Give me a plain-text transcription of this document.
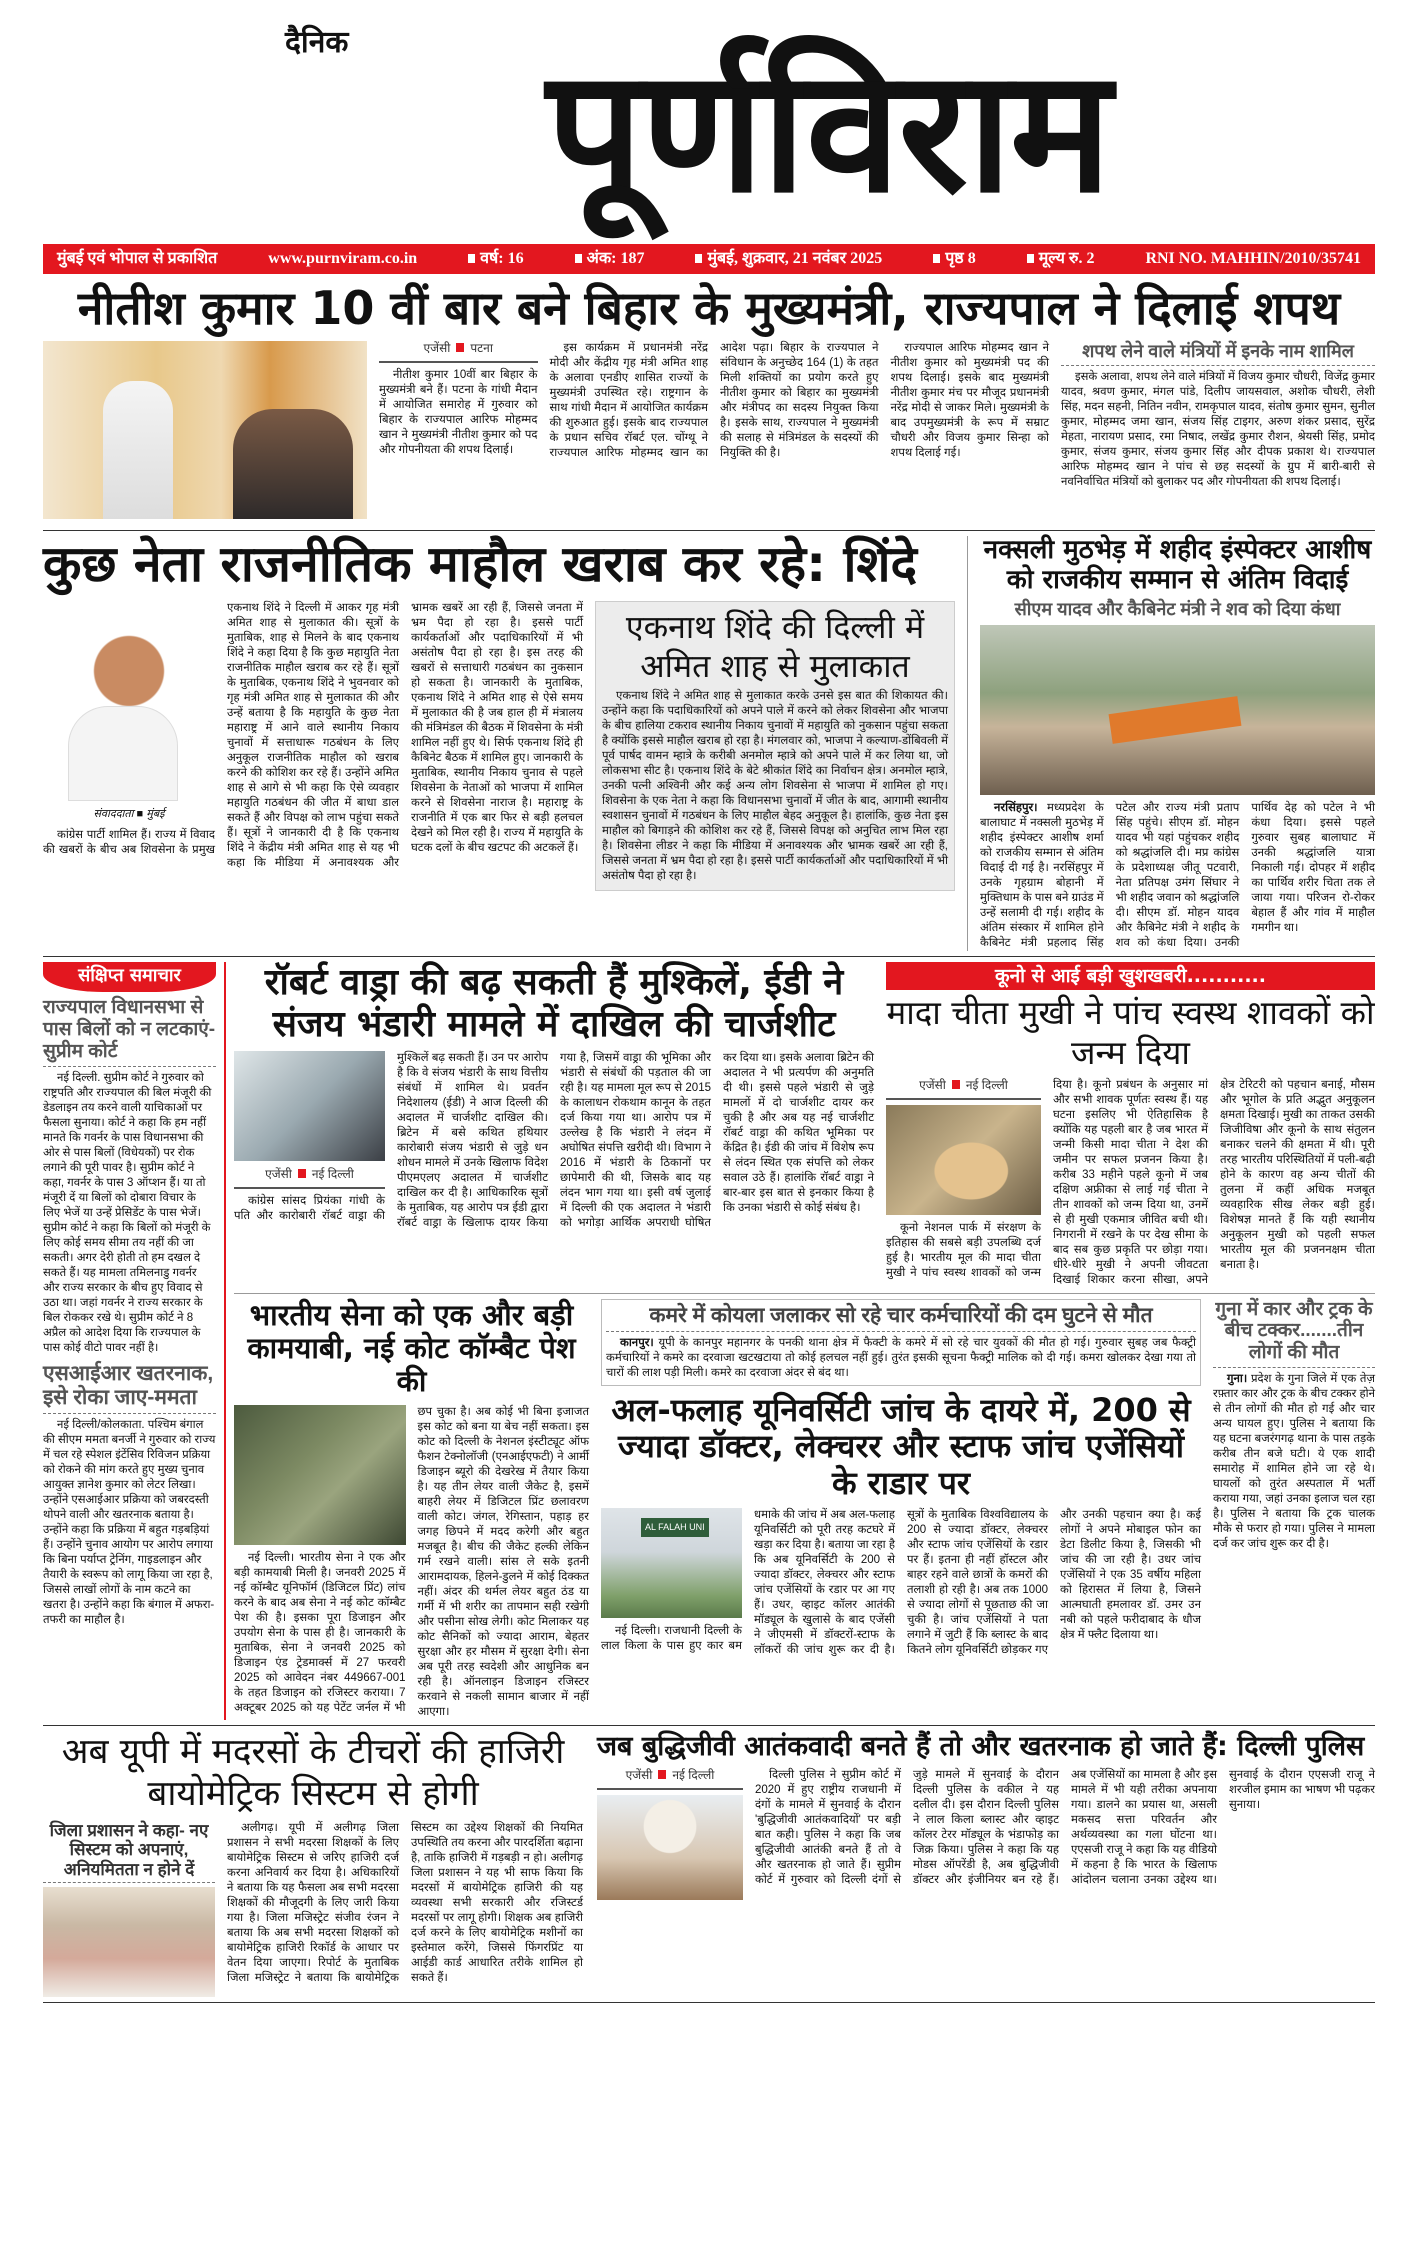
दैनिक	पूर्णविराम
मुंबई एवं भोपाल से प्रकाशित	www.purnviram.co.in	वर्ष: 16	अंक: 187	मुंबई, शुक्रवार, 21 नवंबर 2025	पृष्ठ 8	मूल्य रु. 2	RNI NO. MAHHIN/2010/35741
नीतीश कुमार 10 वीं बार बने बिहार के मुख्यमंत्री, राज्यपाल ने दिलाई शपथ
एजेंसी पटना

नीतीश कुमार 10वीं बार बिहार के मुख्यमंत्री बने हैं। पटना के गांधी मैदान में आयोजित समारोह में गुरुवार को बिहार के राज्यपाल आरिफ मोहम्मद खान ने मुख्यमंत्री नीतीश कुमार को पद और गोपनीयता की शपथ दिलाई।

इस कार्यक्रम में प्रधानमंत्री नरेंद्र मोदी और केंद्रीय गृह मंत्री अमित शाह के अलावा एनडीए शासित राज्यों के मुख्यमंत्री उपस्थित रहे। राष्ट्रगान के साथ गांधी मैदान में आयोजित कार्यक्रम की शुरुआत हुई। इसके बाद राज्यपाल के प्रधान सचिव रॉबर्ट एल. चोंग्थू ने राज्यपाल आरिफ मोहम्मद खान का आदेश पढ़ा। बिहार के राज्यपाल ने संविधान के अनुच्छेद 164 (1) के तहत मिली शक्तियों का प्रयोग करते हुए नीतीश कुमार को बिहार का मुख्यमंत्री और मंत्रीपद का सदस्य नियुक्त किया है। इसके साथ, राज्यपाल ने मुख्यमंत्री की सलाह से मंत्रिमंडल के सदस्यों की नियुक्ति की है।

राज्यपाल आरिफ मोहम्मद खान ने नीतीश कुमार को मुख्यमंत्री पद की शपथ दिलाई। इसके बाद मुख्यमंत्री नीतीश कुमार मंच पर मौजूद प्रधानमंत्री नरेंद्र मोदी से जाकर मिले। मुख्यमंत्री के बाद उपमुख्यमंत्री के रूप में सम्राट चौधरी और विजय कुमार सिन्हा को शपथ दिलाई गई।

शपथ लेने वाले मंत्रियों में इनके नाम शामिल

इसके अलावा, शपथ लेने वाले मंत्रियों में विजय कुमार चौधरी, विजेंद्र कुमार यादव, श्रवण कुमार, मंगल पांडे, दिलीप जायसवाल, अशोक चौधरी, लेशी सिंह, मदन सहनी, नितिन नवीन, रामकृपाल यादव, संतोष कुमार सुमन, सुनील कुमार, मोहम्मद जमा खान, संजय सिंह टाइगर, अरुण शंकर प्रसाद, सुरेंद्र मेहता, नारायण प्रसाद, रमा निषाद, लखेंद्र कुमार रौशन, श्रेयसी सिंह, प्रमोद कुमार, संजय कुमार, संजय कुमार सिंह और दीपक प्रकाश थे। राज्यपाल आरिफ मोहम्मद खान ने पांच से छह सदस्यों के ग्रुप में बारी-बारी से नवनिर्वाचित मंत्रियों को बुलाकर पद और गोपनीयता की शपथ दिलाई।

कुछ नेता राजनीतिक माहौल खराब कर रहे: शिंदे
संवाददाता ■ मुंबई

कांग्रेस पार्टी शामिल हैं। राज्य में विवाद की खबरों के बीच अब शिवसेना के प्रमुख एकनाथ शिंदे ने दिल्ली में आकर गृह मंत्री अमित शाह से मुलाकात की। सूत्रों के मुताबिक, शाह से मिलने के बाद एकनाथ शिंदे ने कहा दिया है कि कुछ महायुति नेता राजनीतिक माहौल खराब कर रहे हैं। सूत्रों के मुताबिक, एकनाथ शिंदे ने भुवनवार को गृह मंत्री अमित शाह से मुलाकात की और उन्हें बताया है कि महायुति के कुछ नेता महाराष्ट्र में आने वाले स्थानीय निकाय चुनावों में सत्ताधारू गठबंधन के लिए अनुकूल राजनीतिक माहौल को खराब करने की कोशिश कर रहे हैं। उन्होंने अमित शाह से आगे से भी कहा कि ऐसे व्यवहार महायुति गठबंधन की जीत में बाधा डाल सकते हैं और विपक्ष को लाभ पहुंचा सकते हैं। सूत्रों ने जानकारी दी है कि एकनाथ शिंदे ने केंद्रीय मंत्री अमित शाह से यह भी कहा कि मीडिया में अनावश्यक और भ्रामक खबरें आ रही हैं, जिससे जनता में भ्रम पैदा हो रहा है। इससे पार्टी कार्यकर्ताओं और पदाधिकारियों में भी असंतोष पैदा हो रहा है। इस तरह की खबरों से सत्ताधारी गठबंधन का नुकसान हो सकता है। जानकारी के मुताबिक, एकनाथ शिंदे ने अमित शाह से ऐसे समय में मुलाकात की है जब हाल ही में मंत्रालय की मंत्रिमंडल की बैठक में शिवसेना के मंत्री शामिल नहीं हुए थे। सिर्फ एकनाथ शिंदे ही कैबिनेट बैठक में शामिल हुए। जानकारी के मुताबिक, स्थानीय निकाय चुनाव से पहले शिवसेना के नेताओं को भाजपा में शामिल करने से शिवसेना नाराज है। महाराष्ट्र के राजनीति में एक बार फिर से बड़ी हलचल देखने को मिल रही है। राज्य में महायुति के घटक दलों के बीच खटपट की अटकलें हैं।

एकनाथ शिंदे की दिल्ली में अमित शाह से मुलाकात

एकनाथ शिंदे ने अमित शाह से मुलाकात करके उनसे इस बात की शिकायत की। उन्होंने कहा कि पदाधिकारियों को अपने पाले में करने को लेकर शिवसेना और भाजपा के बीच हालिया टकराव स्थानीय निकाय चुनावों में महायुति को नुकसान पहुंचा सकता है क्योंकि इससे माहौल खराब हो रहा है। मंगलवार को, भाजपा ने कल्याण-डोंबिवली में पूर्व पार्षद वामन म्हात्रे के करीबी अनमोल म्हात्रे को अपने पाले में कर लिया था, जो लोकसभा सीट है। एकनाथ शिंदे के बेटे श्रीकांत शिंदे का निर्वाचन क्षेत्र। अनमोल म्हात्रे, उनकी पत्नी अश्विनी और कई अन्य लोग शिवसेना से भाजपा में शामिल हो गए। शिवसेना के एक नेता ने कहा कि विधानसभा चुनावों में जीत के बाद, आगामी स्थानीय स्वशासन चुनावों में गठबंधन के लिए माहौल बेहद अनुकूल है। हालांकि, कुछ नेता इस माहौल को बिगाड़ने की कोशिश कर रहे हैं, जिससे विपक्ष को अनुचित लाभ मिल रहा है। शिवसेना लीडर ने कहा कि मीडिया में अनावश्यक और भ्रामक खबरें आ रही हैं, जिससे जनता में भ्रम पैदा हो रहा है। इससे पार्टी कार्यकर्ताओं और पदाधिकारियों में भी असंतोष पैदा हो रहा है।

नक्सली मुठभेड़ में शहीद इंस्पेक्टर आशीष को राजकीय सम्मान से अंतिम विदाई
सीएम यादव और कैबिनेट मंत्री ने शव को दिया कंधा

नरसिंहपुर। मध्यप्रदेश के बालाघाट में नक्सली मुठभेड़ में शहीद इंस्पेक्टर आशीष शर्मा को राजकीय सम्मान से अंतिम विदाई दी गई है। नरसिंहपुर में उनके गृहग्राम बोहानी में मुक्तिधाम के पास बने ग्राउंड में उन्हें सलामी दी गई। शहीद के अंतिम संस्कार में शामिल होने कैबिनेट मंत्री प्रहलाद सिंह पटेल और राज्य मंत्री प्रताप सिंह पहुंचे। सीएम डॉ. मोहन यादव भी यहां पहुंचकर शहीद को श्रद्धांजलि दी। मप्र कांग्रेस के प्रदेशाध्यक्ष जीतू पटवारी, नेता प्रतिपक्ष उमंग सिंघार ने भी शहीद जवान को श्रद्धांजलि दी। सीएम डॉ. मोहन यादव और कैबिनेट मंत्री ने शहीद के शव को कंधा दिया। उनकी पार्थिव देह को पटेल ने भी कंधा दिया। इससे पहले गुरुवार सुबह बालाघाट में उनकी श्रद्धांजलि यात्रा निकाली गई। दोपहर में शहीद का पार्थिव शरीर चिता तक ले जाया गया। परिजन रो-रोकर बेहाल हैं और गांव में माहौल गमगीन था।

संक्षिप्त समाचार
राज्यपाल विधानसभा से पास बिलों को न लटकाएं-सुप्रीम कोर्ट

नई दिल्ली. सुप्रीम कोर्ट ने गुरुवार को राष्ट्रपति और राज्यपाल की बिल मंजूरी की डेडलाइन तय करने वाली याचिकाओं पर फैसला सुनाया। कोर्ट ने कहा कि हम नहीं मानते कि गवर्नर के पास विधानसभा की ओर से पास बिलों (विधेयकों) पर रोक लगाने की पूरी पावर है। सुप्रीम कोर्ट ने कहा, गवर्नर के पास 3 ऑप्शन हैं। या तो मंजूरी दें या बिलों को दोबारा विचार के लिए भेजें या उन्हें प्रेसिडेंट के पास भेजें। सुप्रीम कोर्ट ने कहा कि बिलों को मंजूरी के लिए कोई समय सीमा तय नहीं की जा सकती। अगर देरी होती तो हम दखल दे सकते हैं। यह मामला तमिलनाडु गवर्नर और राज्य सरकार के बीच हुए विवाद से उठा था। जहां गवर्नर ने राज्य सरकार के बिल रोककर रखे थे। सुप्रीम कोर्ट ने 8 अप्रैल को आदेश दिया कि राज्यपाल के पास कोई वीटो पावर नहीं है।

एसआईआर खतरनाक, इसे रोका जाए-ममता

नई दिल्ली/कोलकाता. पश्चिम बंगाल की सीएम ममता बनर्जी ने गुरुवार को राज्य में चल रहे स्पेशल इंटेंसिव रिविजन प्रक्रिया को रोकने की मांग करते हुए मुख्य चुनाव आयुक्त ज्ञानेश कुमार को लेटर लिखा। उन्होंने एसआईआर प्रक्रिया को जबरदस्ती थोपने वाली और खतरनाक बताया है। उन्होंने कहा कि प्रक्रिया में बहुत गड़बड़ियां हैं। उन्होंने चुनाव आयोग पर आरोप लगाया कि बिना पर्याप्त ट्रेनिंग, गाइडलाइन और तैयारी के स्वरूप को लागू किया जा रहा है, जिससे लाखों लोगों के नाम कटने का खतरा है। उन्होंने कहा कि बंगाल में अफरा-तफरी का माहौल है।

रॉबर्ट वाड्रा की बढ़ सकती हैं मुश्किलें, ईडी ने संजय भंडारी मामले में दाखिल की चार्जशीट
एजेंसी नई दिल्ली

कांग्रेस सांसद प्रियंका गांधी के पति और कारोबारी रॉबर्ट वाड्रा की मुश्किलें बढ़ सकती हैं। उन पर आरोप है कि वे संजय भंडारी के साथ वित्तीय संबंधों में शामिल थे। प्रवर्तन निदेशालय (ईडी) ने आज दिल्ली की अदालत में चार्जशीट दाखिल की। ब्रिटेन में बसे कथित हथियार कारोबारी संजय भंडारी से जुड़े धन शोधन मामले में उनके खिलाफ विदेश पीएमएलए अदालत में चार्जशीट दाखिल कर दी है। आधिकारिक सूत्रों के मुताबिक, यह आरोप पत्र ईडी द्वारा रॉबर्ट वाड्रा के खिलाफ दायर किया गया है, जिसमें वाड्रा की भूमिका और भंडारी से संबंधों की पड़ताल की जा रही है। यह मामला मूल रूप से 2015 के कालाधन रोकथाम कानून के तहत दर्ज किया गया था। आरोप पत्र में उल्लेख है कि भंडारी ने लंदन में अघोषित संपत्ति खरीदी थी। विभाग ने 2016 में भंडारी के ठिकानों पर छापेमारी की थी, जिसके बाद यह लंदन भाग गया था। इसी वर्ष जुलाई में दिल्ली की एक अदालत ने भंडारी को भगोड़ा आर्थिक अपराधी घोषित कर दिया था। इसके अलावा ब्रिटेन की अदालत ने भी प्रत्यर्पण की अनुमति दी थी। इससे पहले भंडारी से जुड़े मामलों में दो चार्जशीट दायर कर चुकी है और अब यह नई चार्जशीट रॉबर्ट वाड्रा की कथित भूमिका पर केंद्रित है। ईडी की जांच में विशेष रूप से लंदन स्थित एक संपत्ति को लेकर सवाल उठे हैं। हालांकि रॉबर्ट वाड्रा ने बार-बार इस बात से इनकार किया है कि उनका भंडारी से कोई संबंध है।

कूनो से आई बड़ी खुशखबरी...........
मादा चीता मुखी ने पांच स्वस्थ शावकों को जन्म दिया
एजेंसी नई दिल्ली

कूनो नेशनल पार्क में संरक्षण के इतिहास की सबसे बड़ी उपलब्धि दर्ज हुई है। भारतीय मूल की मादा चीता मुखी ने पांच स्वस्थ शावकों को जन्म दिया है। कूनो प्रबंधन के अनुसार मां और सभी शावक पूर्णतः स्वस्थ हैं। यह घटना इसलिए भी ऐतिहासिक है क्योंकि यह पहली बार है जब भारत में जन्मी किसी मादा चीता ने देश की जमीन पर सफल प्रजनन किया है। करीब 33 महीने पहले कूनो में जब दक्षिण अफ्रीका से लाई गई चीता ने तीन शावकों को जन्म दिया था, उनमें से ही मुखी एकमात्र जीवित बची थी। निगरानी में रखने के पर देख सीमा के बाद सब कुछ प्रकृति पर छोड़ा गया। धीरे-धीरे मुखी ने अपनी जीवटता दिखाई शिकार करना सीखा, अपने क्षेत्र टेरिटरी को पहचान बनाई, मौसम और भूगोल के प्रति अद्भुत अनुकूलन क्षमता दिखाई। मुखी का ताकत उसकी जिजीविषा और कूनो के साथ संतुलन बनाकर चलने की क्षमता में थी। पूरी तरह भारतीय परिस्थितियों में पली-बढ़ी होने के कारण वह अन्य चीतों की तुलना में कहीं अधिक मजबूत व्यवहारिक सीख लेकर बड़ी हुई। विशेषज्ञ मानते हैं कि यही स्थानीय अनुकूलन मुखी को पहली सफल भारतीय मूल की प्रजननक्षम चीता बनाता है।

भारतीय सेना को एक और बड़ी कामयाबी, नई कोट कॉम्बैट पेश की

नई दिल्ली। भारतीय सेना ने एक और बड़ी कामयाबी मिली है। जनवरी 2025 में नई कॉम्बैट यूनिफॉर्म (डिजिटल प्रिंट) लांच करने के बाद अब सेना ने नई कोट कॉम्बैट पेश की है। इसका पूरा डिजाइन और उपयोग सेना के पास ही है। जानकारी के मुताबिक, सेना ने जनवरी 2025 को डिजाइन एंड ट्रेडमार्क्स में 27 फरवरी 2025 को आवेदन नंबर 449667-001 के तहत डिजाइन को रजिस्टर कराया। 7 अक्टूबर 2025 को यह पेटेंट जर्नल में भी छप चुका है। अब कोई भी बिना इजाजत इस कोट को बना या बेच नहीं सकता। इस कोट को दिल्ली के नेशनल इंस्टीट्यूट ऑफ फैशन टेक्नोलॉजी (एनआईएफटी) ने आर्मी डिजाइन ब्यूरो की देखरेख में तैयार किया है। यह तीन लेयर वाली जैकेट है, इसमें बाहरी लेयर में डिजिटल प्रिंट छलावरण वाली कोट। जंगल, रेगिस्तान, पहाड़ हर जगह छिपने में मदद करेगी और बहुत मजबूत है। बीच की जैकेट हल्की लेकिन गर्म रखने वाली। सांस ले सके इतनी आरामदायक, हिलने-डुलने में कोई दिक्कत नहीं। अंदर की थर्मल लेयर बहुत ठंड या गर्मी में भी शरीर का तापमान सही रखेगी और पसीना सोख लेगी। कोट मिलाकर यह कोट सैनिकों को ज्यादा आराम, बेहतर सुरक्षा और हर मौसम में सुरक्षा देगी। सेना अब पूरी तरह स्वदेशी और आधुनिक बन रही है। ऑनलाइन डिजाइन रजिस्टर करवाने से नकली सामान बाजार में नहीं आएगा।

कमरे में कोयला जलाकर सो रहे चार कर्मचारियों की दम घुटने से मौत

कानपुर। यूपी के कानपुर महानगर के पनकी थाना क्षेत्र में फैक्टी के कमरे में सो रहे चार युवकों की मौत हो गई। गुरुवार सुबह जब फैक्ट्री कर्मचारियों ने कमरे का दरवाजा खटखटाया तो कोई हलचल नहीं हुई। तुरंत इसकी सूचना फैक्ट्री मालिक को दी गई। कमरा खोलकर देखा गया तो चारों की लाश पड़ी मिली। कमरे का दरवाजा अंदर से बंद था।

अल-फलाह यूनिवर्सिटी जांच के दायरे में, 200 से ज्यादा डॉक्टर, लेक्चरर और स्टाफ जांच एजेंसियों के राडार पर
AL FALAH UNI

नई दिल्ली। राजधानी दिल्ली के लाल किला के पास हुए कार बम धमाके की जांच में अब अल-फलाह यूनिवर्सिटी को पूरी तरह कटघरे में खड़ा कर दिया है। बताया जा रहा है कि अब यूनिवर्सिटी के 200 से ज्यादा डॉक्टर, लेक्चरर और स्टाफ जांच एजेंसियों के रडार पर आ गए हैं। उधर, व्हाइट कॉलर आतंकी मॉड्यूल के खुलासे के बाद एजेंसी ने जीएमसी में डॉक्टरों-स्टाफ के लॉकरों की जांच शुरू कर दी है। सूत्रों के मुताबिक विश्वविद्यालय के 200 से ज्यादा डॉक्टर, लेक्चरर और स्टाफ जांच एजेंसियों के रडार पर हैं। इतना ही नहीं हॉस्टल और बाहर रहने वाले छात्रों के कमरों की तलाशी हो रही है। अब तक 1000 से ज्यादा लोगों से पूछताछ की जा चुकी है। जांच एजेंसियों ने पता लगाने में जुटी हैं कि ब्लास्ट के बाद कितने लोग यूनिवर्सिटी छोड़कर गए और उनकी पहचान क्या है। कई लोगों ने अपने मोबाइल फोन का डेटा डिलीट किया है, जिसकी भी जांच की जा रही है। उधर जांच एजेंसियों ने एक 35 वर्षीय महिला को हिरासत में लिया है, जिसने आत्मघाती हमलावर डॉ. उमर उन नबी को पहले फरीदाबाद के धौज क्षेत्र में फ्लैट दिलाया था।

गुना में कार और ट्रक के बीच टक्कर.......तीन लोगों की मौत

गुना। प्रदेश के गुना जिले में एक तेज़ रफ़्तार कार और ट्रक के बीच टक्कर होने से तीन लोगों की मौत हो गई और चार अन्य घायल हुए। पुलिस ने बताया कि यह घटना बजरंगगढ़ थाना के पास तड़के करीब तीन बजे घटी। ये एक शादी समारोह में शामिल होने जा रहे थे। घायलों को तुरंत अस्पताल में भर्ती कराया गया, जहां उनका इलाज चल रहा है। पुलिस ने बताया कि ट्रक चालक मौके से फरार हो गया। पुलिस ने मामला दर्ज कर जांच शुरू कर दी है।

अब यूपी में मदरसों के टीचरों की हाजिरी बायोमेट्रिक सिस्टम से होगी
जिला प्रशासन ने कहा- नए सिस्टम को अपनाएं, अनियमितता न होने दें

अलीगढ़। यूपी में अलीगढ़ जिला प्रशासन ने सभी मदरसा शिक्षकों के लिए बायोमेट्रिक सिस्टम से जरिए हाजिरी दर्ज करना अनिवार्य कर दिया है। अधिकारियों ने बताया कि यह फैसला अब सभी मदरसा शिक्षकों की मौजूदगी के लिए जारी किया गया है। जिला मजिस्ट्रेट संजीव रंजन ने बताया कि अब सभी मदरसा शिक्षकों को बायोमेट्रिक हाजिरी रिकॉर्ड के आधार पर वेतन दिया जाएगा। रिपोर्ट के मुताबिक जिला मजिस्ट्रेट ने बताया कि बायोमेट्रिक सिस्टम का उद्देश्य शिक्षकों की नियमित उपस्थिति तय करना और पारदर्शिता बढ़ाना है, ताकि हाजिरी में गड़बड़ी न हो। अलीगढ़ जिला प्रशासन ने यह भी साफ किया कि मदरसों में बायोमेट्रिक हाजिरी की यह व्यवस्था सभी सरकारी और रजिस्टर्ड मदरसों पर लागू होगी। शिक्षक अब हाजिरी दर्ज करने के लिए बायोमेट्रिक मशीनों का इस्तेमाल करेंगे, जिससे फिंगरप्रिंट या आईडी कार्ड आधारित तरीके शामिल हो सकते हैं।

जब बुद्धिजीवी आतंकवादी बनते हैं तो और खतरनाक हो जाते हैं: दिल्ली पुलिस
एजेंसी नई दिल्ली	दिल्ली पुलिस ने सुप्रीम कोर्ट में 2020 में हुए राष्ट्रीय राजधानी में दंगों के मामले में सुनवाई के दौरान 'बुद्धिजीवी आतंकवादियों' पर बड़ी बात कही। पुलिस ने कहा कि जब बुद्धिजीवी आतंकी बनते हैं तो वे और खतरनाक हो जाते हैं। सुप्रीम कोर्ट में गुरुवार को दिल्ली दंगों से जुड़े मामले में सुनवाई के दौरान दिल्ली पुलिस के वकील ने यह दलील दी। इस दौरान दिल्ली पुलिस ने लाल किला ब्लास्ट और व्हाइट कॉलर टेरर मॉड्यूल के भंडाफोड़ का जिक्र किया। पुलिस ने कहा कि यह मोडस ऑपरेंडी है, अब बुद्धिजीवी डॉक्टर और इंजीनियर बन रहे हैं। अब एजेंसियों का मामला है और इस मामले में भी यही तरीका अपनाया गया। डालने का प्रयास था, असली मकसद सत्ता परिवर्तन और अर्थव्यवस्था का गला घोंटना था। एएसजी राजू ने कहा कि यह वीडियो में कहना है कि भारत के खिलाफ आंदोलन चलाना उनका उद्देश्य था। सुनवाई के दौरान एएसजी राजू ने शरजील इमाम का भाषण भी पढ़कर सुनाया।
